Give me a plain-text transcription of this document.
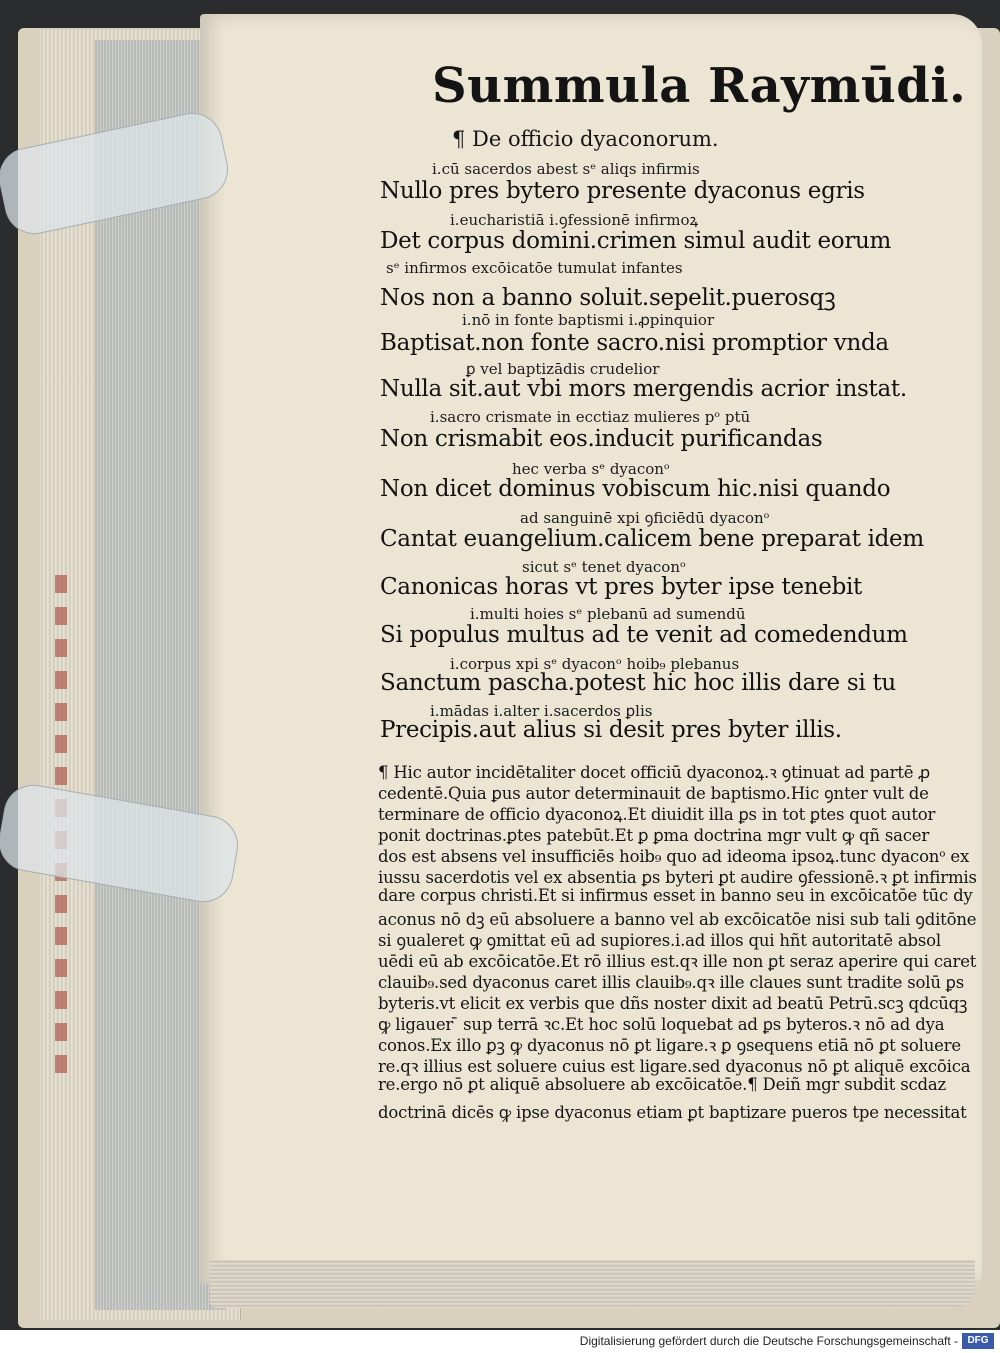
Summula Raymūdi.
¶ De officio dyaconorum.
i.cū sacerdos abest sᵉ aliqs infirmis
Nullo pres bytero presente dyaconus egris
i.eucharistiā i.ꝯfessionē infirmoꝝ
Det corpus domini.crimen simul audit eorum
sᵉ infirmos excōicatōe tumulat infantes
Nos non a banno soluit.sepelit.puerosqꝫ
i.nō in fonte baptismi i.ꝓpinquior
Baptisat.non fonte sacro.nisi promptior vnda
ꝑ vel baptizādis crudelior
Nulla sit.aut vbi mors mergendis acrior instat.
i.sacro crismate in ecctiaz mulieres pᵒ ptū
Non crismabit eos.inducit purificandas
hec verba sᵉ dyaconᵒ
Non dicet dominus vobiscum hic.nisi quando
ad sanguinē xpi ꝯficiēdū dyaconᵒ
Cantat euangelium.calicem bene preparat idem
sicut sᵉ tenet dyaconᵒ
Canonicas horas vt pres byter ipse tenebit
i.multi hoies sᵉ plebanū ad sumendū
Si populus multus ad te venit ad comedendum
i.corpus xpi sᵉ dyaconᵒ hoib₉ plebanus
Sanctum pascha.potest hic hoc illis dare si tu
i.mādas i.alter i.sacerdos ꝑlis
Precipis.aut alius si desit pres byter illis.
¶ Hic autor incidētaliter docet officiū dyaconoꝝ.ꝛ ꝯtinuat ad partē ꝓ
cedentē.Quia ꝑus autor determinauit de baptismo.Hic ꝯnter vult de
terminare de officio dyaconoꝝ.Et diuidit illa ꝑs in tot ꝑtes quot autor
ponit doctrinas.ꝑtes patebūt.Et ꝑ ꝑma doctrina mgr vult ꝙ qñ sacer
dos est absens vel insufficiēs hoib₉ quo ad ideoma ipsoꝝ.tunc dyaconᵒ ex
iussu sacerdotis vel ex absentia ꝑs byteri ꝑt audire ꝯfessionē.ꝛ ꝑt infirmis
dare corpus christi.Et si infirmus esset in banno seu in excōicatōe tūc dy
aconus nō dꝫ eū absoluere a banno vel ab excōicatōe nisi sub tali ꝯditōne
si ꝯualeret ꝙ ꝯmittat eū ad supiores.i.ad illos qui hñt autoritatē absol
uēdi eū ab excōicatōe.Et rō illius est.qꝛ ille non ꝑt seraz aperire qui caret
clauib₉.sed dyaconus caret illis clauib₉.qꝛ ille claues sunt tradite solū ꝑs
byteris.vt elicit ex verbis que dñs noster dixit ad beatū Petrū.scꝫ qdcūqꝫ
ꝙ ligauer ̄ sup terrā ꝛc.Et hoc solū loquebat ad ꝑs byteros.ꝛ nō ad dya
conos.Ex illo ꝑꝫ ꝙ dyaconus nō ꝑt ligare.ꝛ ꝑ ꝯsequens etiā nō ꝑt soluere
re.qꝛ illius est soluere cuius est ligare.sed dyaconus nō ꝑt aliquē excōica
re.ergo nō ꝑt aliquē absoluere ab excōicatōe.¶ Deiñ mgr subdit scdaz
doctrinā dicēs ꝙ ipse dyaconus etiam ꝑt baptizare pueros tpe necessitat
Digitalisierung gefördert durch die Deutsche Forschungsgemeinschaft - DFG
